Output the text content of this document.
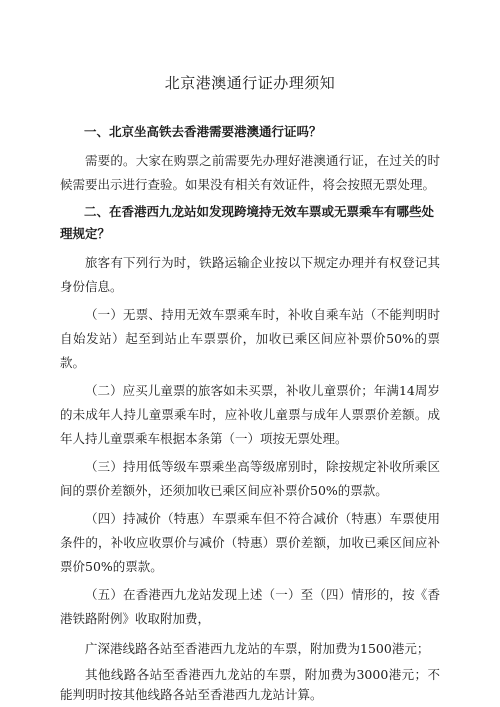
北京港澳通行证办理须知
一、北京坐高铁去香港需要港澳通行证吗？

需要的。大家在购票之前需要先办理好港澳通行证，在过关的时候需要出示进行查验。如果没有相关有效证件，将会按照无票处理。

二、在香港西九龙站如发现跨境持无效车票或无票乘车有哪些处理规定？

旅客有下列行为时，铁路运输企业按以下规定办理并有权登记其身份信息。

（一）无票、持用无效车票乘车时，补收自乘车站（不能判明时自始发站）起至到站止车票票价，加收已乘区间应补票价50%的票款。

（二）应买儿童票的旅客如未买票，补收儿童票价；年满14周岁的未成年人持儿童票乘车时，应补收儿童票与成年人票票价差额。成年人持儿童票乘车根据本条第（一）项按无票处理。

（三）持用低等级车票乘坐高等级席别时，除按规定补收所乘区间的票价差额外，还须加收已乘区间应补票价50%的票款。

（四）持减价（特惠）车票乘车但不符合减价（特惠）车票使用条件的，补收应收票价与减价（特惠）票价差额，加收已乘区间应补票价50%的票款。

（五）在香港西九龙站发现上述（一）至（四）情形的，按《香港铁路附例》收取附加费，

广深港线路各站至香港西九龙站的车票，附加费为1500港元；

其他线路各站至香港西九龙站的车票，附加费为3000港元；不能判明时按其他线路各站至香港西九龙站计算。
